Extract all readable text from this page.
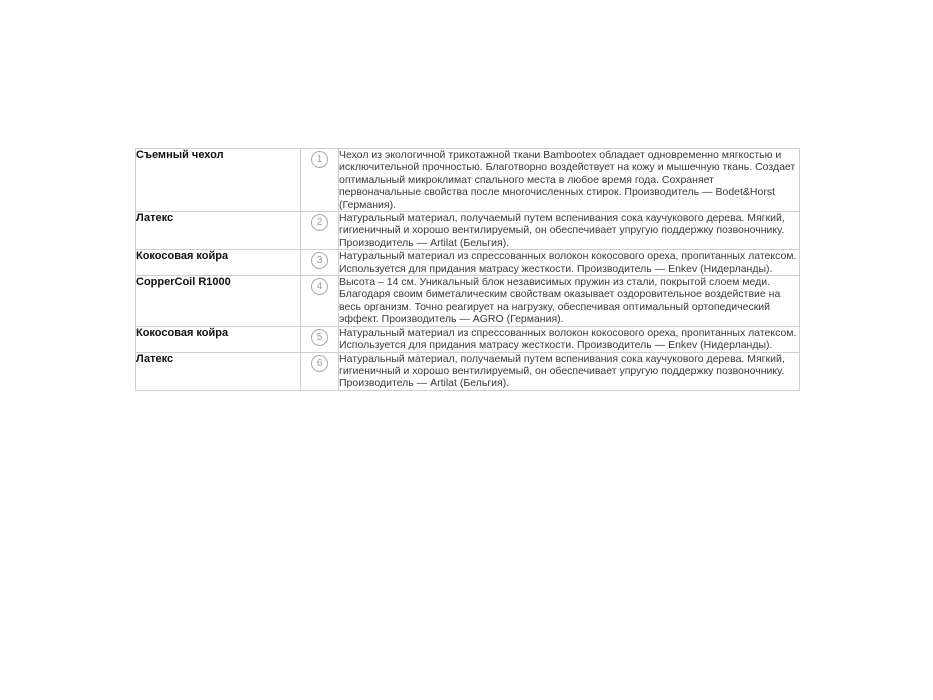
Съемный чехол	1	Чехол из экологичной трикотажной ткани Bambootex обладает одновременно мягкостью и исключительной прочностью. Благотворно воздействует на кожу и мышечную ткань. Создает оптимальный микроклимат спального места в любое время года. Сохраняет первоначальные свойства после многочисленных стирок. Производитель — Bodet&Horst (Германия).
Латекс	2	Натуральный материал, получаемый путем вспенивания сока каучукового дерева. Мягкий, гигиеничный и хорошо вентилируемый, он обеспечивает упругую поддержку позвоночнику. Производитель — Artilat (Бельгия).
Кокосовая койра	3	Натуральный материал из спрессованных волокон кокосового ореха, пропитанных латексом. Используется для придания матрасу жесткости. Производитель — Enkev (Нидерланды).
CopperCoil R1000	4	Высота – 14 см. Уникальный блок независимых пружин из стали, покрытой слоем меди. Благодаря своим биметалическим свойствам оказывает оздоровительное воздействие на весь организм. Точно реагирует на нагрузку, обеспечивая оптимальный ортопедический эффект. Производитель — AGRO (Германия).
Кокосовая койра	5	Натуральный материал из спрессованных волокон кокосового ореха, пропитанных латексом. Используется для придания матрасу жесткости. Производитель — Enkev (Нидерланды).
Латекс	6	Натуральный материал, получаемый путем вспенивания сока каучукового дерева. Мягкий, гигиеничный и хорошо вентилируемый, он обеспечивает упругую поддержку позвоночнику. Производитель — Artilat (Бельгия).
